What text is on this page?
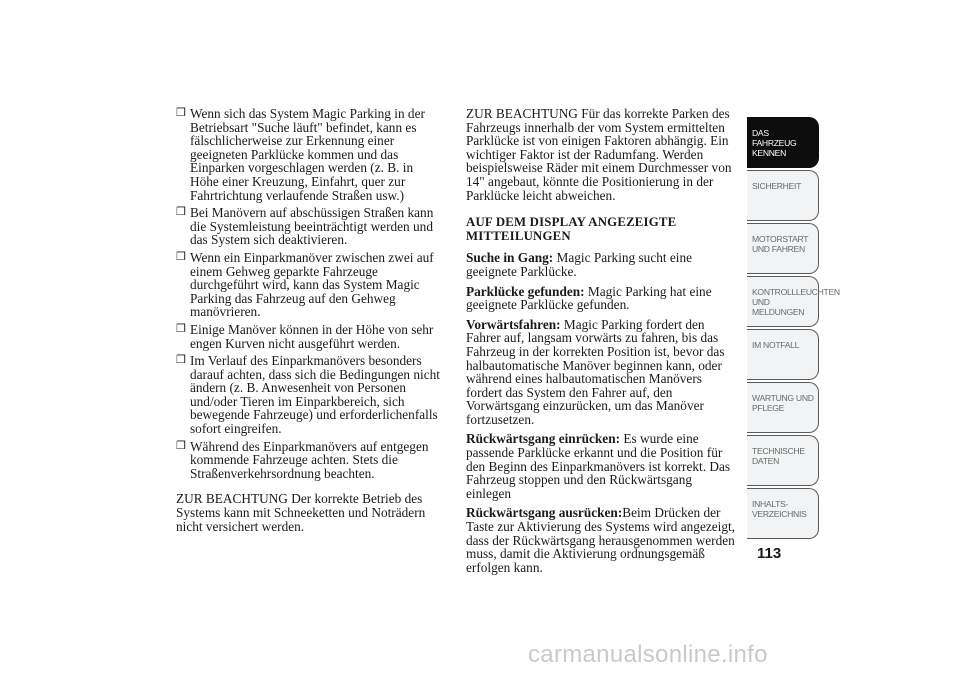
❒ Wenn sich das System Magic Parking in der Betriebsart "Suche läuft" befindet, kann es fälschlicherweise zur Erkennung einer geeigneten Parklücke kommen und das Einparken vorgeschlagen werden (z. B. in Höhe einer Kreuzung, Einfahrt, quer zur Fahrtrichtung verlaufende Straßen usw.)
❒ Bei Manövern auf abschüssigen Straßen kann die Systemleistung beeinträchtigt werden und das System sich deaktivieren.
❒ Wenn ein Einparkmanöver zwischen zwei auf einem Gehweg geparkte Fahrzeuge durchgeführt wird, kann das System Magic Parking das Fahrzeug auf den Gehweg manövrieren.
❒ Einige Manöver können in der Höhe von sehr engen Kurven nicht ausgeführt werden.
❒ Im Verlauf des Einparkmanövers besonders darauf achten, dass sich die Bedingungen nicht ändern (z. B. Anwesenheit von Personen und/oder Tieren im Einparkbereich, sich bewegende Fahrzeuge) und erforderlichenfalls sofort eingreifen.
❒ Während des Einparkmanövers auf entgegen kommende Fahrzeuge achten. Stets die Straßenverkehrsordnung beachten.

ZUR BEACHTUNG Der korrekte Betrieb des Systems kann mit Schneeketten und Noträdern nicht versichert werden.

ZUR BEACHTUNG Für das korrekte Parken des Fahrzeugs innerhalb der vom System ermittelten Parklücke ist von einigen Faktoren abhängig. Ein wichtiger Faktor ist der Radumfang. Werden beispielsweise Räder mit einem Durchmesser von 14" angebaut, könnte die Positionierung in der Parklücke leicht abweichen.

AUF DEM DISPLAY ANGEZEIGTE MITTEILUNGEN

Suche in Gang: Magic Parking sucht eine geeignete Parklücke.

Parklücke gefunden: Magic Parking hat eine geeignete Parklücke gefunden.

Vorwärtsfahren: Magic Parking fordert den Fahrer auf, langsam vorwärts zu fahren, bis das Fahrzeug in der korrekten Position ist, bevor das halbautomatische Manöver beginnen kann, oder während eines halbautomatischen Manövers fordert das System den Fahrer auf, den Vorwärtsgang einzurücken, um das Manöver fortzusetzen.

Rückwärtsgang einrücken: Es wurde eine passende Parklücke erkannt und die Position für den Beginn des Einparkmanövers ist korrekt. Das Fahrzeug stoppen und den Rückwärtsgang einlegen

Rückwärtsgang ausrücken:Beim Drücken der Taste zur Aktivierung des Systems wird angezeigt, dass der Rückwärtsgang herausgenommen werden muss, damit die Aktivierung ordnungsgemäß erfolgen kann.

DAS FAHRZEUG KENNEN
SICHERHEIT
MOTORSTART UND FAHREN
KONTROLLLEUCHTEN UND MELDUNGEN
IM NOTFALL
WARTUNG UND PFLEGE
TECHNISCHE DATEN
INHALTS-VERZEICHNIS
113
carmanualsonline.info
